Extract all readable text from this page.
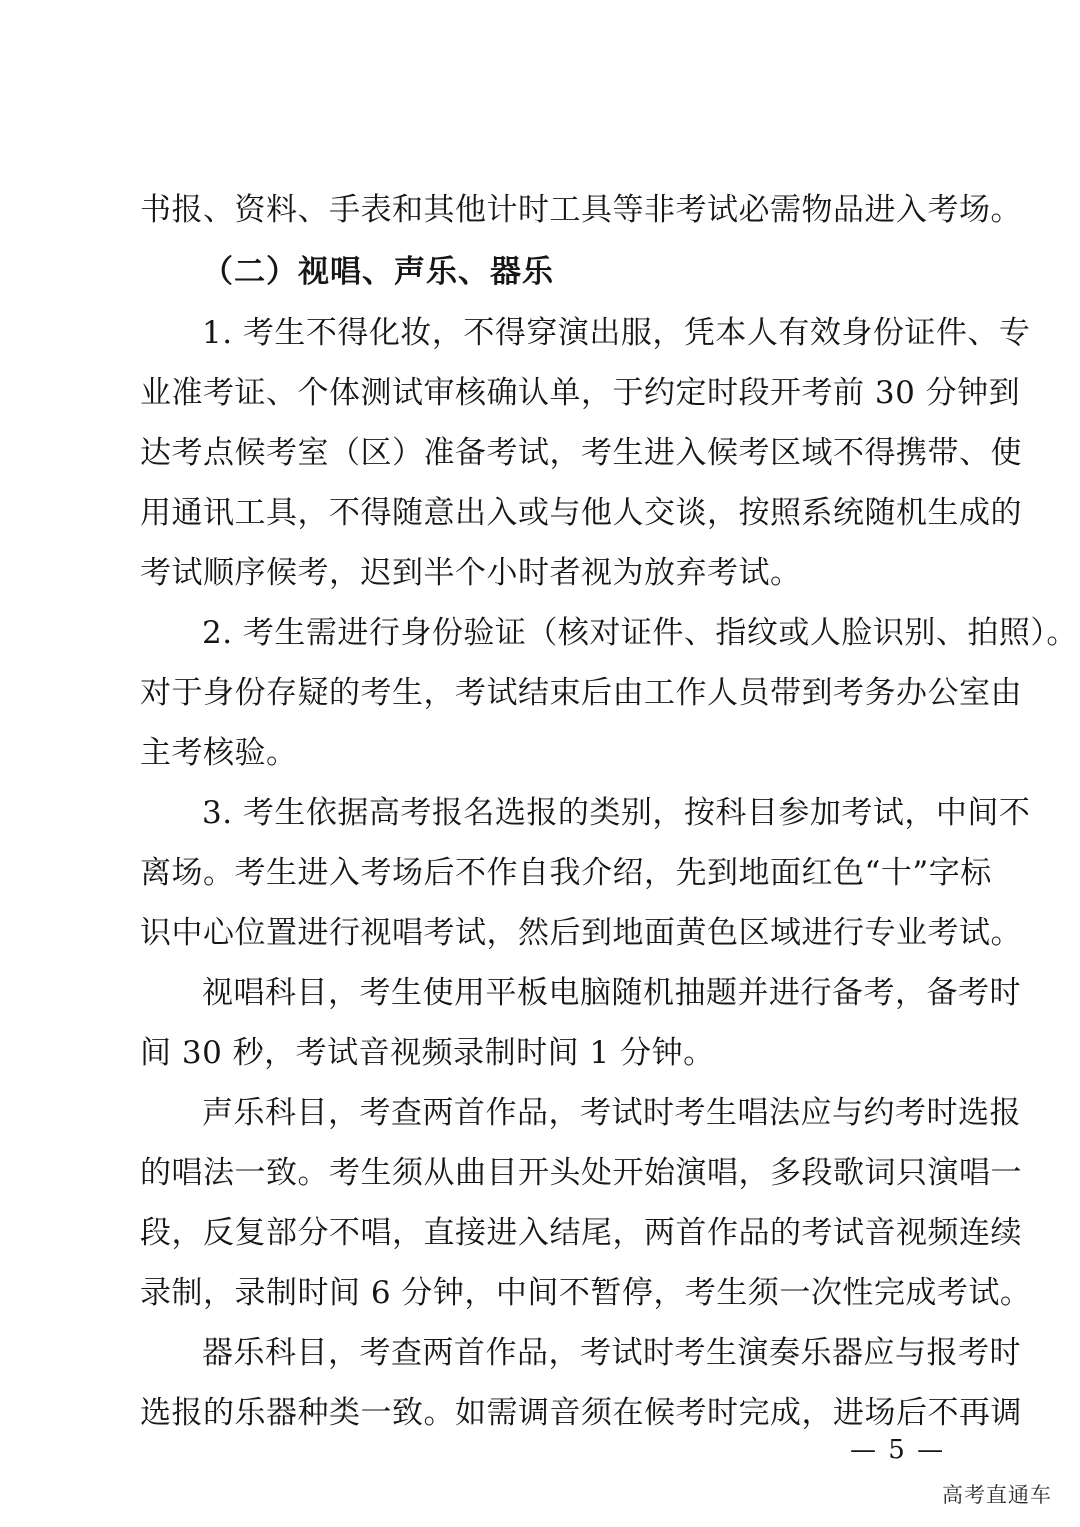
书报、资料、手表和其他计时工具等非考试必需物品进入考场。
（二）视唱、声乐、器乐
1. 考生不得化妆，不得穿演出服，凭本人有效身份证件、专
业准考证、个体测试审核确认单，于约定时段开考前 30 分钟到
达考点候考室（区）准备考试，考生进入候考区域不得携带、使
用通讯工具，不得随意出入或与他人交谈，按照系统随机生成的
考试顺序候考，迟到半个小时者视为放弃考试。
2. 考生需进行身份验证（核对证件、指纹或人脸识别、拍照）。
对于身份存疑的考生，考试结束后由工作人员带到考务办公室由
主考核验。
3. 考生依据高考报名选报的类别，按科目参加考试，中间不
离场。考生进入考场后不作自我介绍，先到地面红色“十”字标
识中心位置进行视唱考试，然后到地面黄色区域进行专业考试。
视唱科目，考生使用平板电脑随机抽题并进行备考，备考时
间 30 秒，考试音视频录制时间 1 分钟。
声乐科目，考查两首作品，考试时考生唱法应与约考时选报
的唱法一致。考生须从曲目开头处开始演唱，多段歌词只演唱一
段，反复部分不唱，直接进入结尾，两首作品的考试音视频连续
录制，录制时间 6 分钟，中间不暂停，考生须一次性完成考试。
器乐科目，考查两首作品，考试时考生演奏乐器应与报考时
选报的乐器种类一致。如需调音须在候考时完成，进场后不再调
— 5 —
高考直通车
